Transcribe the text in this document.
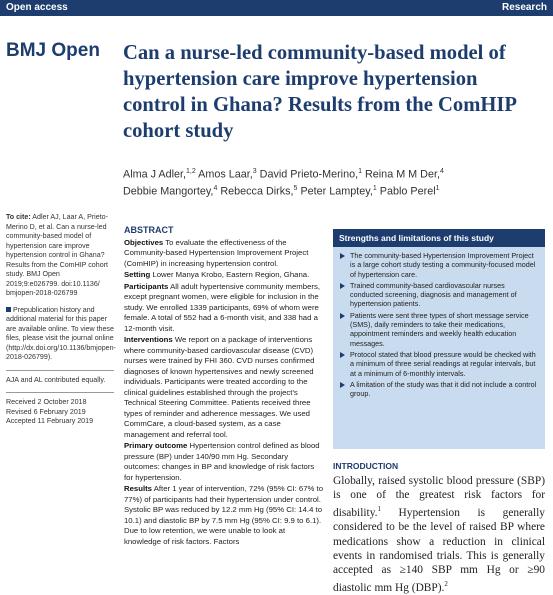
Open access	Research
BMJ Open Can a nurse-led community-based model of hypertension care improve hypertension control in Ghana? Results from the ComHIP cohort study
Alma J Adler,$^{1,2}$ Amos Laar,$^3$ David Prieto-Merino,$^1$ Reina M M Der,$^4$
Debbie Mangortey,$^4$ Rebecca Dirks,$^5$ Peter Lamptey,$^1$ Pablo Perel$^1$

To cite: Adler AJ, Laar A, Prieto-Merino D, et al. Can a nurse-led community-based model of hypertension care improve hypertension control in Ghana? Results from the ComHIP cohort study. BMJ Open 2019;9:e026799. doi:10.1136/ bmjopen-2018-026799

Prepublication history and additional material for this paper are available online. To view these files, please visit the journal online (http://dx.doi.org/10.1136/bmjopen-2018-026799).

AJA and AL contributed equally.

Received 2 October 2018
Revised 6 February 2019
Accepted 11 February 2019
ABSTRACT

Objectives To evaluate the effectiveness of the Community-based Hypertension Improvement Project (ComHIP) in increasing hypertension control.

Setting Lower Manya Krobo, Eastern Region, Ghana.

Participants All adult hypertensive community members, except pregnant women, were eligible for inclusion in the study. We enrolled 1339 participants, 69% of whom were female. A total of 552 had a 6-month visit, and 338 had a 12-month visit.

Interventions We report on a package of interventions where community-based cardiovascular disease (CVD) nurses were trained by FHI 360. CVD nurses confirmed diagnoses of known hypertensives and newly screened individuals. Participants were treated according to the clinical guidelines established through the project's Technical Steering Committee. Patients received three types of reminder and adherence messages. We used CommCare, a cloud-based system, as a case management and referral tool.

Primary outcome Hypertension control defined as blood pressure (BP) under 140/90 mm Hg. Secondary outcomes: changes in BP and knowledge of risk factors for hypertension.

Results After 1 year of intervention, 72% (95% CI: 67% to 77%) of participants had their hypertension under control. Systolic BP was reduced by 12.2 mm Hg (95% CI: 14.4 to 10.1) and diastolic BP by 7.5 mm Hg (95% CI: 9.9 to 6.1). Due to low retention, we were unable to look at knowledge of risk factors. Factors

Strengths and limitations of this study
The community-based Hypertension Improvement Project is a large cohort study testing a community-focused model of hypertension care.
Trained community-based cardiovascular nurses conducted screening, diagnosis and management of hypertension patients.
Patients were sent three types of short message service (SMS), daily reminders to take their medications, appointment reminders and weekly health education messages.
Protocol stated that blood pressure would be checked with a minimum of three serial readings at regular intervals, but at a minimum of 6-monthly intervals.
A limitation of the study was that it did not include a control group.
INTRODUCTION
Globally, raised systolic blood pressure (SBP) is one of the greatest risk factors for disability.$^1$ Hypertension is generally considered to be the level of raised BP where medications show a reduction in clinical events in randomised trials. This is generally accepted as ≥140 SBP mm Hg or ≥90 diastolic mm Hg (DBP).$^2$
